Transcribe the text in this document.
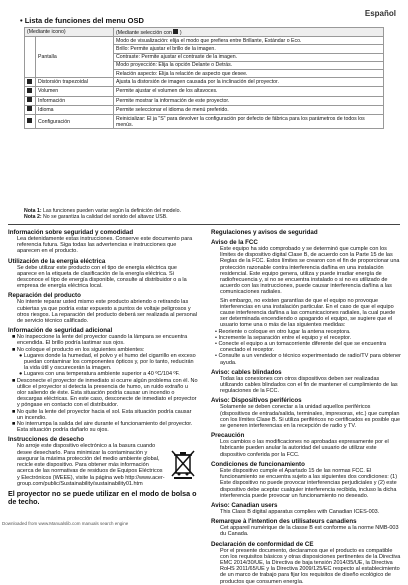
Español
• Lista de funciones del menu OSD
(Mediante icono)		(Mediante selección con )
	Pantalla	Modo de visualización: elija el modo que prefiera entre Brillante, Estándar o Eco.
		Brillo: Permite ajustar el brillo de la imagen.
		Contraste: Permite ajustar el contraste de la imagen.
		Modo proyección: Elija la opción Delante o Detrás.
		Relación aspecto: Elija la relación de aspecto que desee.
	Distorsión trapezoidal	Ajusta la distorsión de imagen causada por la inclinación del proyector.
	Volumen	Permite ajustar el volumen de los altavoces.
	Información	Permite mostrar la información de este proyector.
	Idioma	Permite seleccionar el idioma de menú preferido.
	Configuración	Reinicializar: El ja "S" para devolver la configuración por defecto de fábrica para los parámetros de todos los menús.
Nota 1: Las funciones pueden variar según la definición del modelo.
Nota 2: No se garantiza la calidad del sonido del altavoz USB.
Información sobre seguridad y comodidad

Lea detenidamente estas instrucciones. Conserve este documento para referencia futura. Siga todas las advertencias e instrucciones que aparecen en el producto.

Utilización de la energía eléctrica

Se debe utilizar este producto con el tipo de energía eléctrica que aparece en la etiqueta de clasificación de la energía eléctrica. Si desconoce el tipo de energía disponible, consulte al distribuidor o a la empresa de energía eléctrica local.

Reparación del producto

No intente reparar usted mismo este producto abriendo o retirando las cubiertas ya que podría estar expuesto a puntos de voltaje peligrosos y otros riesgos. La reparación del producto deberá ser realizada al personal de servicio técnico calificado.

Información de seguridad adicional
■ No inspeccione la lente del proyector cuando la lámpara se encuentra encendida. El brillo podría lastimar sus ojos.
■ No coloque el producto en los siguientes ambientes:
● Lugares donde la humedad, el polvo y el humo del cigarrillo en exceso puedan contaminar los componentes ópticos y, por lo tanto, reducirán la vida útil y oscurecerán la imagen.
● Lugares con una temperatura ambiente superior a 40 ºC/104 ºF.
■ Desconecte el proyector de inmediato si ocurre algún problema con él. No utilice el proyector si detecta la presencia de humo, un ruido extraño u olor saliendo de éste. Esta situación podría causar un incendio o descargas eléctricas. En este caso, desconecte de inmediato el proyector y póngase en contacto con el distribuidor.
■ No quite la lente del proyector hacia el sol. Esta situación podría causar un incendio.
■ No interrumpa la salida del aire durante el funcionamiento del proyector. Esta situación podría dañarlo su ojos.
Instrucciones de desecho

No arroje este dispositivo electrónico a la basura cuando desee desecharlo. Para minimizar la contaminación y asegurar la máxima protección del medio ambiente global, recicle este dispositivo. Para obtener más información acerca de las normativas de residuos de Equipos Eléctricos y Electrónicos (WEEE), visite la página web http://www.acer-group.com/public/Sustainability/sustainability01.htm

El proyector no se puede utilizar en el modo de bolsa o de techo.
Regulaciones y avisos de seguridad
Aviso de la FCC

Este equipo ha sido comprobado y se determinó que cumple con los límites de dispositivo digital Clase B, de acuerdo con la Parte 15 de las Reglas de la FCC. Estos límites se crearon con el fin de proporcionar una protección razonable contra interferencia dañina en una instalación residencial. Este equipo genera, utiliza y puede irradiar energía de radiofrecuencia y, si no se encuentra instalado o si no es utilizado de acuerdo con las instrucciones, puede causar interferencia dañina a las comunicaciones radiales.

Sin embargo, no existen garantías de que el equipo no provoque interferencias en una instalación particular. En el caso de que el equipo cause interferencia dañina a las comunicaciones radiales, la cual puede ser determinada encendiendo o apagando el equipo, se sugiere que el usuario tome una o más de las siguientes medidas:

• Reoriente o coloque en otro lugar la antena receptora.
• Incremente la separación entre el equipo y el receptor.
• Conecte el equipo a un tomacorriente diferente del que se encuentra conectado el receptor.
• Consulte a un vendedor o técnico experimentado de radio/TV para obtener ayuda.
Aviso: cables blindados

Todas las conexiones con otros dispositivos deben ser realizadas utilizando cables blindados con el fin de mantener el cumplimiento de las regulaciones de la FCC.

Aviso: Dispositivos periféricos

Solamente se deben conectar a la unidad aquellos periféricos (dispositivos de entrada/salida, terminales, impresoras, etc.) que cumplan con los límites Clase B. Si utiliza periféricos no certificados es posible que se generen interferencias en la recepción de radio y TV.

Precaución

Los cambios o las modificaciones no aprobadas expresamente por el fabricante pueden anular la autoridad del usuario de utilizar este dispositivo conferida por la FCC.

Condiciones de funcionamiento

Este dispositivo cumple el Apartado 15 de las normas FCC. El funcionamiento se encuentra sujeto a las siguientes dos condiciones: (1) Este dispositivo no puede provocar interferencias perjudiciales y (2) este dispositivo debe aceptar cualquier interferencia recibida, incluso la dicha interferencia puede provocar un funcionamiento no deseado.

Aviso: Canadian users

This Class B digital apparatus complies with Canadian ICES-003.

Remarque à l'intention des utilisateurs canadiens

Cet appareil numérique de la classe B est conforme a la norme NMB-003 du Canada.

Declaración de conformidad de CE

Por el presente documento, declaramos que el producto es compatible con los requisitos básicos y otras disposiciones pertinentes de la Directiva EMC 2014/30/UE, la Directiva de baja tensión 2014/35/UE, la Directiva RoHS 2011/65/UE y la Directiva 2009/125/EC respecto al establecimiento de un marco de trabajo para fijar los requisitos de diseño ecológico de productos que consumen energía.

Downloaded from www.Manualslib.com manuals search engine
